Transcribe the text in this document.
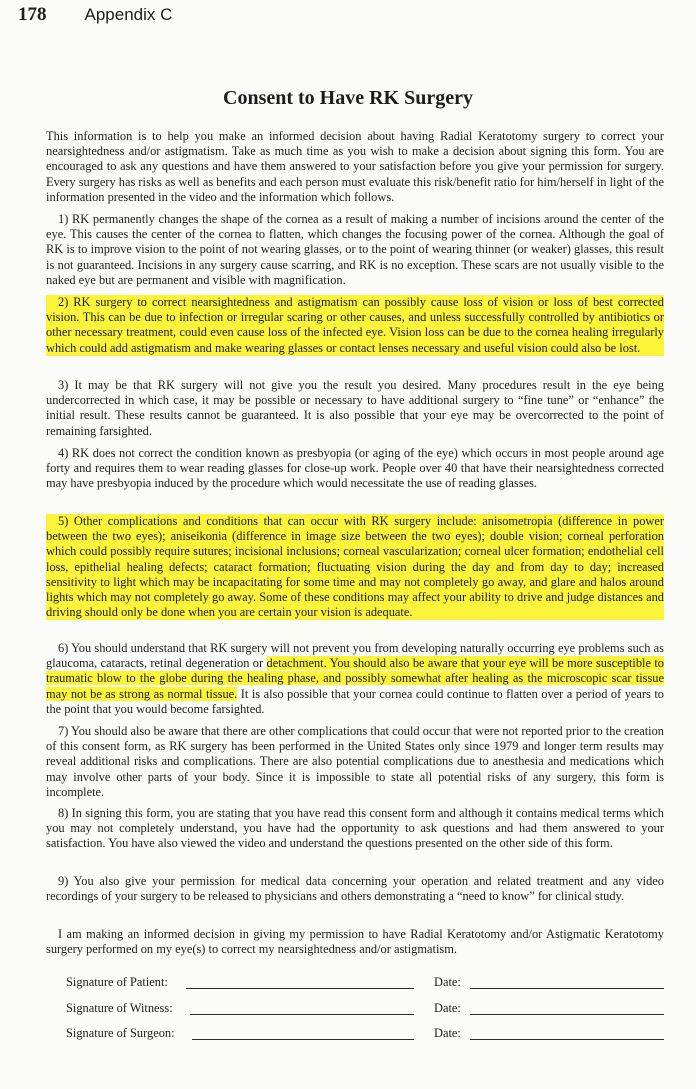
178 Appendix C
Consent to Have RK Surgery

This information is to help you make an informed decision about having Radial Keratotomy surgery to correct your nearsightedness and/or astigmatism. Take as much time as you wish to make a decision about signing this form. You are encouraged to ask any questions and have them answered to your satisfaction before you give your permission for surgery. Every surgery has risks as well as benefits and each person must evaluate this risk/benefit ratio for him/herself in light of the information presented in the video and the information which follows.

1) RK permanently changes the shape of the cornea as a result of making a number of incisions around the center of the eye. This causes the center of the cornea to flatten, which changes the focusing power of the cornea. Although the goal of RK is to improve vision to the point of not wearing glasses, or to the point of wearing thinner (or weaker) glasses, this result is not guaranteed. Incisions in any surgery cause scarring, and RK is no exception. These scars are not usually visible to the naked eye but are permanent and visible with magnification.

2) RK surgery to correct nearsightedness and astigmatism can possibly cause loss of vision or loss of best corrected vision. This can be due to infection or irregular scaring or other causes, and unless successfully controlled by antibiotics or other necessary treatment, could even cause loss of the infected eye. Vision loss can be due to the cornea healing irregularly which could add astigmatism and make wearing glasses or contact lenses necessary and useful vision could also be lost.

3) It may be that RK surgery will not give you the result you desired. Many procedures result in the eye being undercorrected in which case, it may be possible or necessary to have additional surgery to “fine tune” or “enhance” the initial result. These results cannot be guaranteed. It is also possible that your eye may be overcorrected to the point of remaining farsighted.

4) RK does not correct the condition known as presbyopia (or aging of the eye) which occurs in most people around age forty and requires them to wear reading glasses for close-up work. People over 40 that have their nearsightedness corrected may have presbyopia induced by the procedure which would necessitate the use of reading glasses.

5) Other complications and conditions that can occur with RK surgery include: anisometropia (difference in power between the two eyes); aniseikonia (difference in image size between the two eyes); double vision; corneal perforation which could possibly require sutures; incisional inclusions; corneal vascularization; corneal ulcer formation; endothelial cell loss, epithelial healing defects; cataract formation; fluctuating vision during the day and from day to day; increased sensitivity to light which may be incapacitating for some time and may not completely go away, and glare and halos around lights which may not completely go away. Some of these conditions may affect your ability to drive and judge distances and driving should only be done when you are certain your vision is adequate.

6) You should understand that RK surgery will not prevent you from developing naturally occurring eye problems such as glaucoma, cataracts, retinal degeneration or detachment. You should also be aware that your eye will be more susceptible to traumatic blow to the globe during the healing phase, and possibly somewhat after healing as the microscopic scar tissue may not be as strong as normal tissue. It is also possible that your cornea could continue to flatten over a period of years to the point that you would become farsighted.

7) You should also be aware that there are other complications that could occur that were not reported prior to the creation of this consent form, as RK surgery has been performed in the United States only since 1979 and longer term results may reveal additional risks and complications. There are also potential complications due to anesthesia and medications which may involve other parts of your body. Since it is impossible to state all potential risks of any surgery, this form is incomplete.

8) In signing this form, you are stating that you have read this consent form and although it contains medical terms which you may not completely understand, you have had the opportunity to ask questions and had them answered to your satisfaction. You have also viewed the video and understand the questions presented on the other side of this form.

9) You also give your permission for medical data concerning your operation and related treatment and any video recordings of your surgery to be released to physicians and others demonstrating a “need to know” for clinical study.

I am making an informed decision in giving my permission to have Radial Keratotomy and/or Astigmatic Keratotomy surgery performed on my eye(s) to correct my nearsightedness and/or astigmatism.

Signature of Patient:	Date:
Signature of Witness:	Date:
Signature of Surgeon:	Date:
